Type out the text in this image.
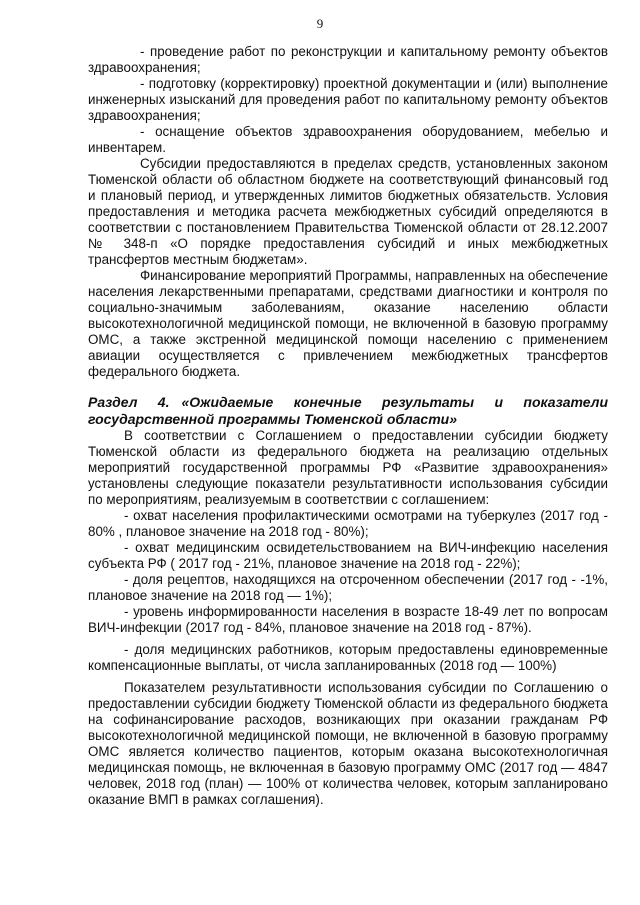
9

- проведение работ по реконструкции и капитальному ремонту объектов здравоохранения;

- подготовку (корректировку) проектной документации и (или) выполнение инженерных изысканий для проведения работ по капитальному ремонту объектов здравоохранения;

- оснащение объектов здравоохранения оборудованием, мебелью и инвентарем.

Субсидии предоставляются в пределах средств, установленных законом Тюменской области об областном бюджете на соответствующий финансовый год и плановый период, и утвержденных лимитов бюджетных обязательств. Условия предоставления и методика расчета межбюджетных субсидий определяются в соответствии с постановлением Правительства Тюменской области от 28.12.2007 № 348-п «О порядке предоставления субсидий и иных межбюджетных трансфертов местным бюджетам».

Финансирование мероприятий Программы, направленных на обеспечение населения лекарственными препаратами, средствами диагностики и контроля по социально-значимым заболеваниям, оказание населению области высокотехнологичной медицинской помощи, не включенной в базовую программу ОМС, а также экстренной медицинской помощи населению с применением авиации осуществляется с привлечением межбюджетных трансфертов федерального бюджета.

Раздел 4. «Ожидаемые конечные результаты и показатели государственной программы Тюменской области»

В соответствии с Соглашением о предоставлении субсидии бюджету Тюменской области из федерального бюджета на реализацию отдельных мероприятий государственной программы РФ «Развитие здравоохранения» установлены следующие показатели результативности использования субсидии по мероприятиям, реализуемым в соответствии с соглашением:

- охват населения профилактическими осмотрами на туберкулез (2017 год - 80% , плановое значение на 2018 год - 80%);

- охват медицинским освидетельствованием на ВИЧ-инфекцию населения субъекта РФ ( 2017 год - 21%, плановое значение на 2018 год - 22%);

- доля рецептов, находящихся на отсроченном обеспечении (2017 год - -1%, плановое значение на 2018 год — 1%);

- уровень информированности населения в возрасте 18-49 лет по вопросам ВИЧ-инфекции (2017 год - 84%, плановое значение на 2018 год - 87%).

- доля медицинских работников, которым предоставлены единовременные компенсационные выплаты, от числа запланированных (2018 год — 100%)

Показателем результативности использования субсидии по Соглашению о предоставлении субсидии бюджету Тюменской области из федерального бюджета на софинансирование расходов, возникающих при оказании гражданам РФ высокотехнологичной медицинской помощи, не включенной в базовую программу ОМС является количество пациентов, которым оказана высокотехнологичная медицинская помощь, не включенная в базовую программу ОМС (2017 год — 4847 человек, 2018 год (план) — 100% от количества человек, которым запланировано оказание ВМП в рамках соглашения).
